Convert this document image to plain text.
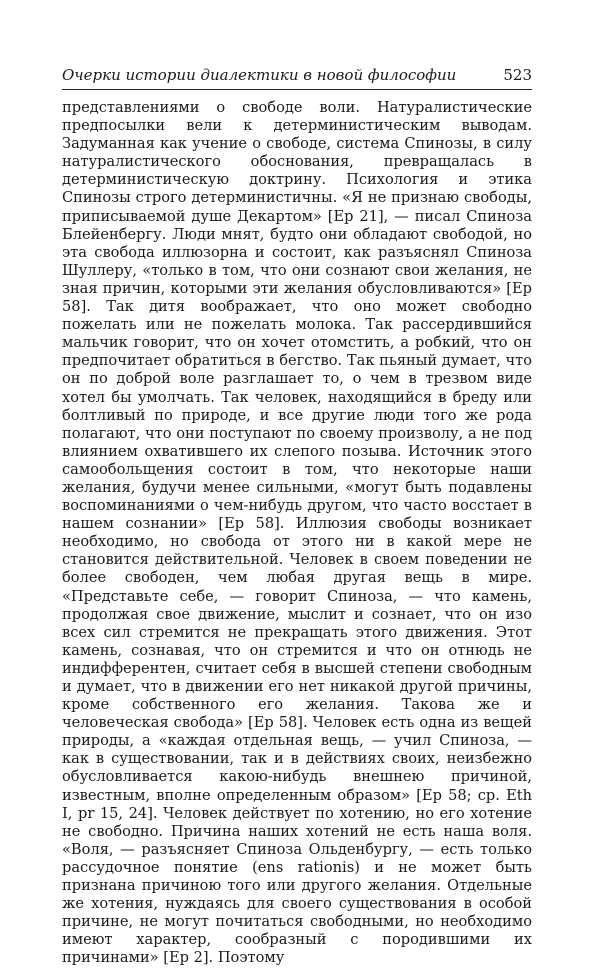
Очерки истории диалектики в новой философии	523

представлениями о свободе воли. Натуралистические предпосылки вели к детерминистическим выводам. Задуманная как учение о свободе, система Спинозы, в силу натуралистического обоснования, превращалась в детерминистическую доктрину. Психология и этика Спинозы строго детерминистичны. «Я не признаю свободы, приписываемой душе Декартом» [Ep 21], — писал Спиноза Блейенбергу. Люди мнят, будто они обладают свободой, но эта свобода иллюзорна и состоит, как разъяснял Спиноза Шуллеру, «только в том, что они сознают свои желания, не зная причин, которыми эти желания обусловливаются» [Ep 58]. Так дитя воображает, что оно может свободно пожелать или не пожелать молока. Так рассердившийся мальчик говорит, что он хочет отомстить, а робкий, что он предпочитает обратиться в бегство. Так пьяный думает, что он по доброй воле разглашает то, о чем в трезвом виде хотел бы умолчать. Так человек, находящийся в бреду или болтливый по природе, и все другие люди того же рода полагают, что они поступают по своему произволу, а не под влиянием охватившего их слепого позыва. Источник этого самообольщения состоит в том, что некоторые наши желания, будучи менее сильными, «могут быть подавлены воспоминаниями о чем-нибудь другом, что часто восстает в нашем сознании» [Ep 58]. Иллюзия свободы возникает необходимо, но свобода от этого ни в какой мере не становится действительной. Человек в своем поведении не более свободен, чем любая другая вещь в мире. «Представьте себе, — говорит Спиноза, — что камень, продолжая свое движение, мыслит и сознает, что он изо всех сил стремится не прекращать этого движения. Этот камень, сознавая, что он стремится и что он отнюдь не индифферентен, считает себя в высшей степени свободным и думает, что в движении его нет никакой другой причины, кроме собственного его желания. Такова же и человеческая свобода» [Ep 58]. Человек есть одна из вещей природы, а «каждая отдельная вещь, — учил Спиноза, — как в существовании, так и в действиях своих, неизбежно обусловливается какою-нибудь внешнею причиной, известным, вполне определенным образом» [Ep 58; cp. Eth I, pr 15, 24]. Человек действует по хотению, но его хотение не свободно. Причина наших хотений не есть наша воля. «Воля, — разъясняет Спиноза Ольденбургу, — есть только рассудочное понятие (ens rationis) и не может быть признана причиною того или другого желания. Отдельные же хотения, нуждаясь для своего существования в особой причине, не могут почитаться свободными, но необходимо имеют характер, сообразный с породившими их причинами» [Ep 2]. Поэтому
